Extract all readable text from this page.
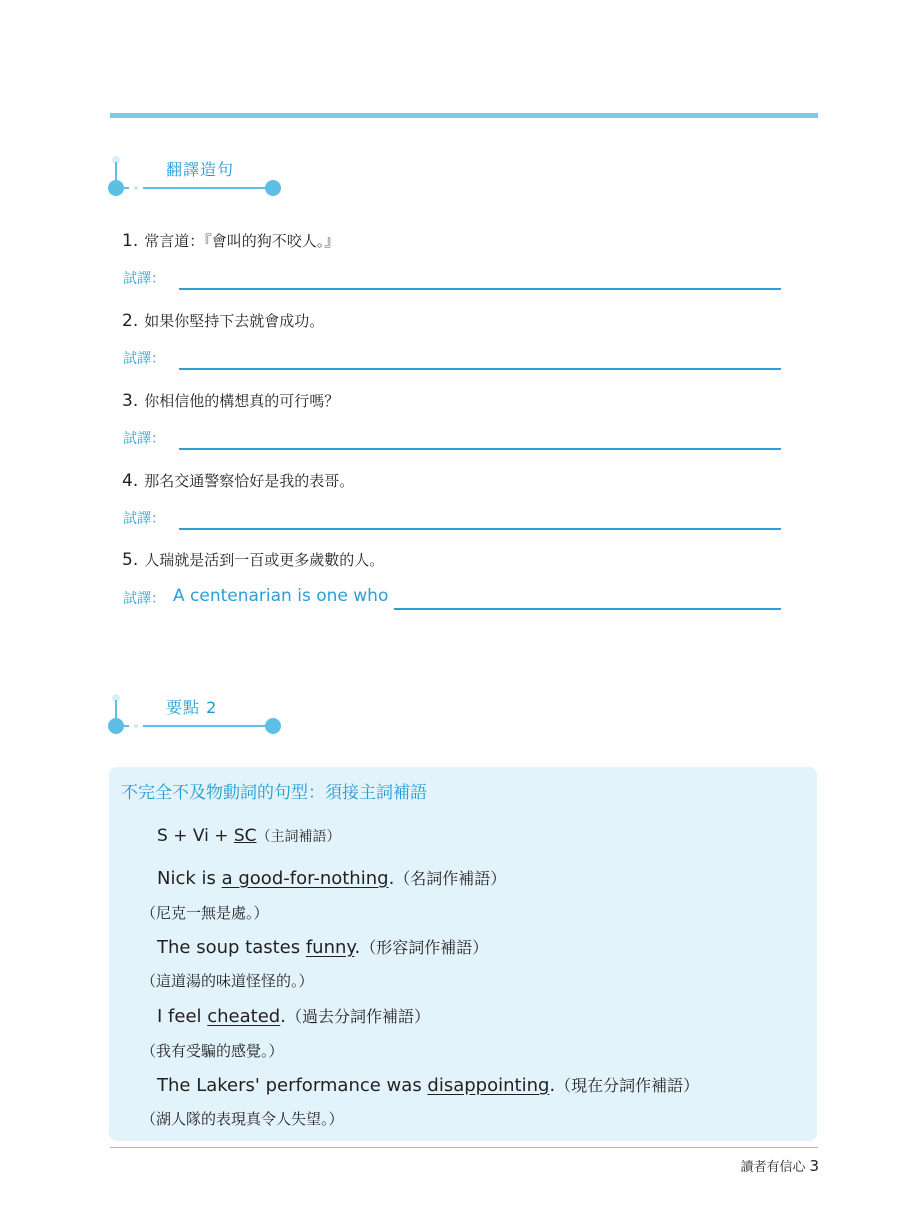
翻譯造句
1. 常言道：『會叫的狗不咬人。』
試譯：
2. 如果你堅持下去就會成功。
試譯：
3. 你相信他的構想真的可行嗎？
試譯：
4. 那名交通警察恰好是我的表哥。
試譯：
5. 人瑞就是活到一百或更多歲數的人。
試譯： A centenarian is one who
要點 2
不完全不及物動詞的句型：須接主詞補語
S + Vi + SC（主詞補語）
Nick is a good-for-nothing.（名詞作補語）
（尼克一無是處。）
The soup tastes funny.（形容詞作補語）
（這道湯的味道怪怪的。）
I feel cheated.（過去分詞作補語）
（我有受騙的感覺。）
The Lakers' performance was disappointing.（現在分詞作補語）
（湖人隊的表現真令人失望。）
讀者有信心 3
